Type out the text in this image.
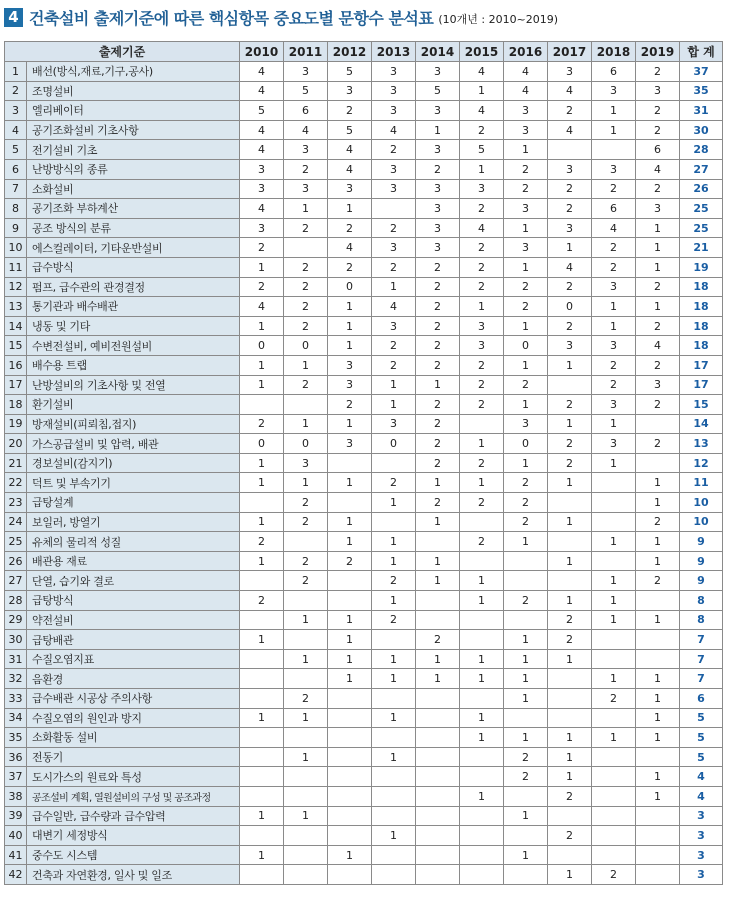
4 건축설비 출제기준에 따른 핵심항목 중요도별 문항수 분석표 (10개년 : 2010~2019)
출제기준		2010	2011	2012	2013	2014	2015	2016	2017	2018	2019	합 계
1	배선(방식,재료,기구,공사)	4	3	5	3	3	4	4	3	6	2	37
2	조명설비	4	5	3	3	5	1	4	4	3	3	35
3	엘리베이터	5	6	2	3	3	4	3	2	1	2	31
4	공기조화설비 기초사항	4	4	5	4	1	2	3	4	1	2	30
5	전기설비 기초	4	3	4	2	3	5	1			6	28
6	난방방식의 종류	3	2	4	3	2	1	2	3	3	4	27
7	소화설비	3	3	3	3	3	3	2	2	2	2	26
8	공기조화 부하계산	4	1	1		3	2	3	2	6	3	25
9	공조 방식의 분류	3	2	2	2	3	4	1	3	4	1	25
10	에스컬레이터, 기타운반설비	2		4	3	3	2	3	1	2	1	21
11	급수방식	1	2	2	2	2	2	1	4	2	1	19
12	펌프, 급수관의 관경결정	2	2	0	1	2	2	2	2	3	2	18
13	통기관과 배수배관	4	2	1	4	2	1	2	0	1	1	18
14	냉동 및 기타	1	2	1	3	2	3	1	2	1	2	18
15	수변전설비, 예비전원설비	0	0	1	2	2	3	0	3	3	4	18
16	배수용 트랩	1	1	3	2	2	2	1	1	2	2	17
17	난방설비의 기초사항 및 전열	1	2	3	1	1	2	2		2	3	17
18	환기설비			2	1	2	2	1	2	3	2	15
19	방재설비(피뢰침,접지)	2	1	1	3	2		3	1	1		14
20	가스공급설비 및 압력, 배관	0	0	3	0	2	1	0	2	3	2	13
21	경보설비(감지기)	1	3			2	2	1	2	1		12
22	덕트 및 부속기기	1	1	1	2	1	1	2	1		1	11
23	급탕설계		2		1	2	2	2			1	10
24	보일러, 방열기	1	2	1		1		2	1		2	10
25	유체의 물리적 성질	2		1	1		2	1		1	1	9
26	배관용 재료	1	2	2	1	1			1		1	9
27	단열, 습기와 결로		2		2	1	1			1	2	9
28	급탕방식	2			1		1	2	1	1		8
29	약전설비		1	1	2				2	1	1	8
30	급탕배관	1		1		2		1	2			7
31	수질오염지표		1	1	1	1	1	1	1			7
32	음환경			1	1	1	1	1		1	1	7
33	급수배관 시공상 주의사항		2					1		2	1	6
34	수질오염의 원인과 방지	1	1		1		1				1	5
35	소화활동 설비						1	1	1	1	1	5
36	전동기		1		1			2	1			5
37	도시가스의 원료와 특성							2	1		1	4
38	공조설비 계획, 열원설비의 구성 및 공조과정						1		2		1	4
39	급수일반, 급수량과 급수압력	1	1					1				3
40	대변기 세정방식				1				2			3
41	중수도 시스템	1		1				1				3
42	건축과 자연환경, 일사 및 일조								1	2		3
